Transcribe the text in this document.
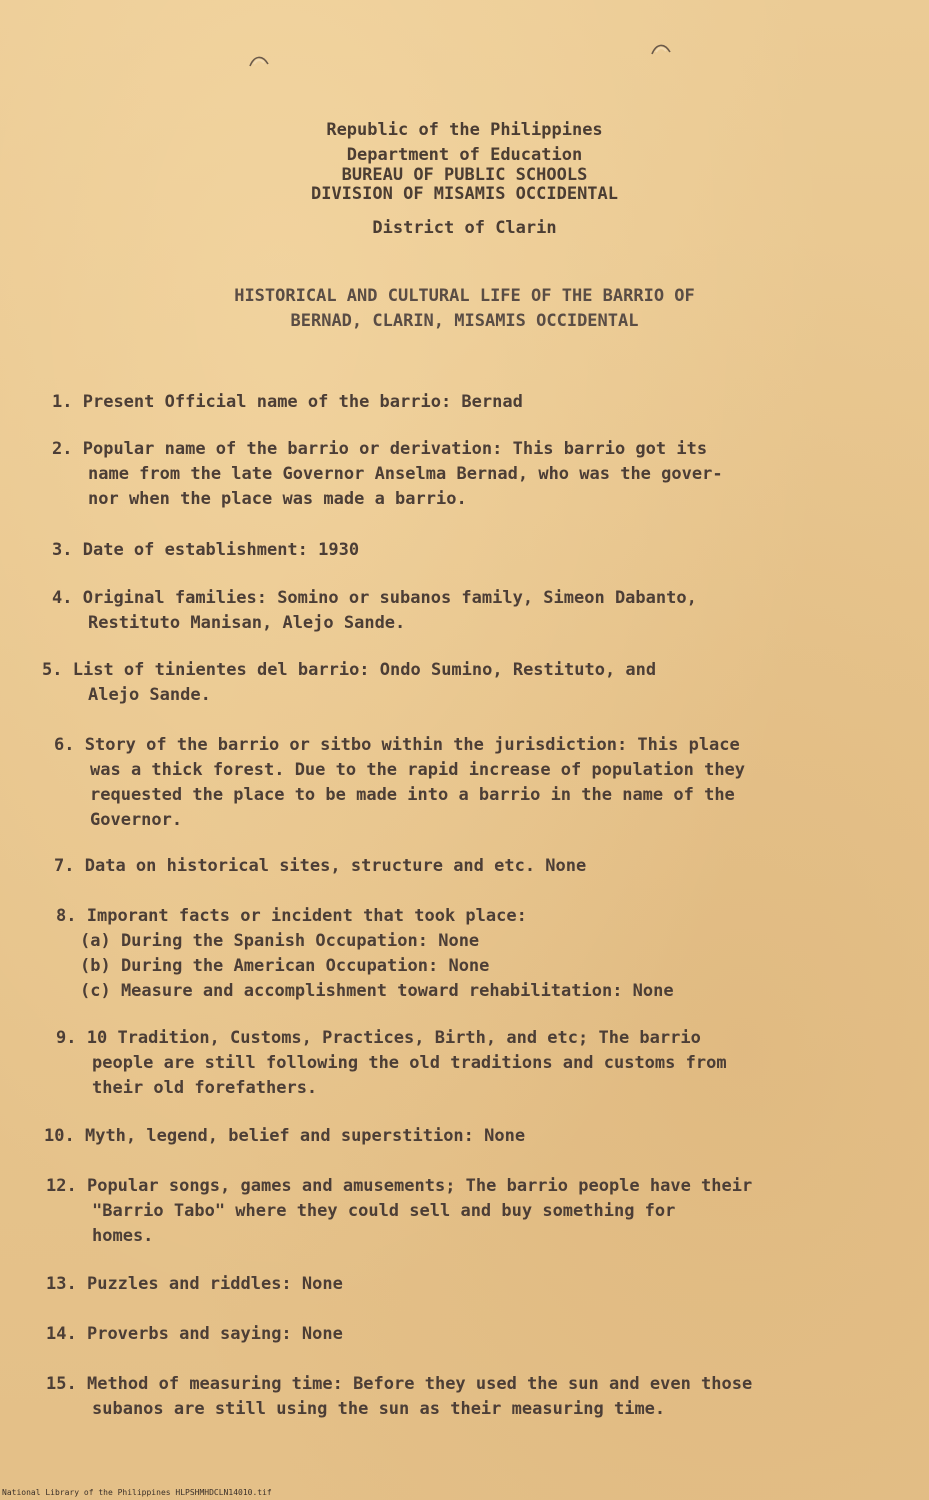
Republic of the Philippines
Department of Education
BUREAU OF PUBLIC SCHOOLS
DIVISION OF MISAMIS OCCIDENTAL
District of Clarin
HISTORICAL AND CULTURAL LIFE OF THE BARRIO OF
BERNAD, CLARIN, MISAMIS OCCIDENTAL
1. Present Official name of the barrio: Bernad
2. Popular name of the barrio or derivation: This barrio got its
name from the late Governor Anselma Bernad, who was the gover-
nor when the place was made a barrio.
3. Date of establishment: 1930
4. Original families: Somino or subanos family, Simeon Dabanto,
Restituto Manisan, Alejo Sande.
5. List of tinientes del barrio: Ondo Sumino, Restituto, and
Alejo Sande.
6. Story of the barrio or sitbo within the jurisdiction: This place
was a thick forest. Due to the rapid increase of population they
requested the place to be made into a barrio in the name of the
Governor.
7. Data on historical sites, structure and etc. None
8. Imporant facts or incident that took place:
(a) During the Spanish Occupation: None
(b) During the American Occupation: None
(c) Measure and accomplishment toward rehabilitation: None
9. 10 Tradition, Customs, Practices, Birth, and etc; The barrio
people are still following the old traditions and customs from
their old forefathers.
10. Myth, legend, belief and superstition: None
12. Popular songs, games and amusements; The barrio people have their
"Barrio Tabo" where they could sell and buy something for
homes.
13. Puzzles and riddles: None
14. Proverbs and saying: None
15. Method of measuring time: Before they used the sun and even those
subanos are still using the sun as their measuring time.
National Library of the Philippines HLPSHMHDCLN14010.tif
